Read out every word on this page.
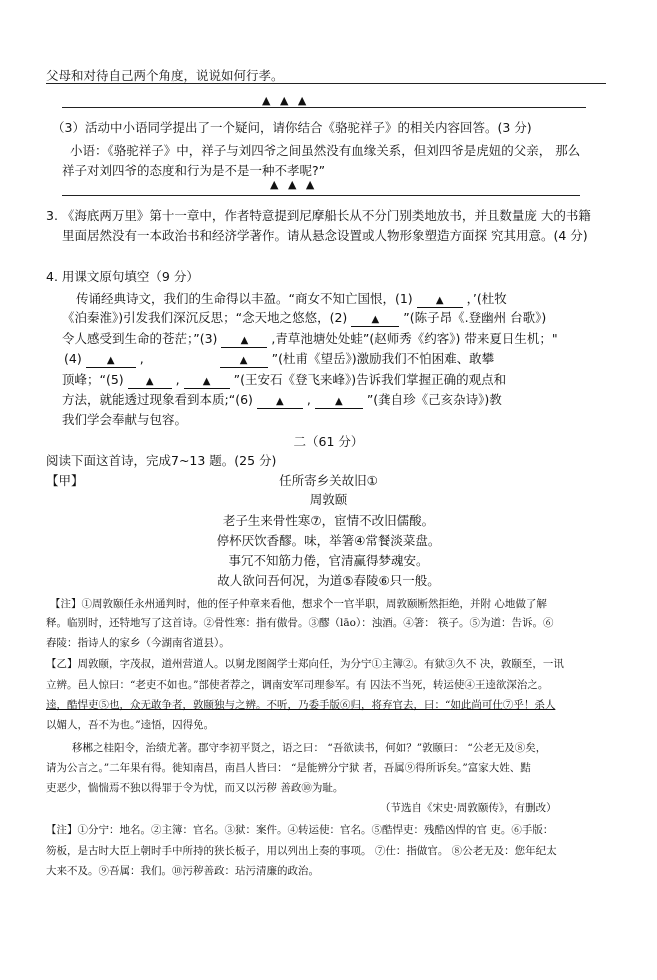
父母和对待自己两个角度，说说如何行孝。
▲ ▲ ▲
（3）活动中小语同学提出了一个疑问，请你结合《骆驼祥子》的相关内容回答。(3 分)
小语：《骆驼祥子》中，祥子与刘四爷之间虽然没有血缘关系，但刘四爷是虎妞的父亲， 那么
祥子对刘四爷的态度和行为是不是一种不孝呢?”
▲ ▲ ▲
3. 《海底两万里》第十一章中，作者特意提到尼摩船长从不分门别类地放书，并且数量庞 大的书籍
里面居然没有一本政治书和经济学著作。请从悬念设置或人物形象塑造方面探 究其用意。(4 分)
4. 用课文原句填空（9 分）
传诵经典诗文，我们的生命得以丰盈。“商女不知亡国恨，(1) ▲ ，’(杜牧
《泊秦淮》)引发我们深沉反思；“念天地之悠悠，(2) ▲ ”(陈子昂《.登幽州 台歌》)
令人感受到生命的苍茫；”(3) ▲ ,青草池塘处处蛙”(赵师秀《约客》) 带来夏日生机；"
(4)	▲ ,	▲ ”(杜甫《望岳》)激励我们不怕困难、敢攀
顶峰；“(5) ▲ , ▲ ”(王安石《登飞来峰》)告诉我们掌握正确的观点和
方法，就能透过现象看到本质;“(6) ▲ , ▲ ”(龚自珍《己亥杂诗》)教
我们学会奉献与包容。
二（61 分）
阅读下面这首诗，完成7~13 题。(25 分)
【甲】	任所寄乡关故旧①
周敦颐
老子生来骨性寒⑦，宦情不改旧儒酸。
停杯厌饮香醪。味，举箸④常餐淡菜盘。
事冗不知筋力倦，官清赢得梦魂安。
故人欲问吾何况，为道⑤春陵⑥只一般。
【注】①周敦颐任永州通判时，他的侄子仲章来看他，想求个一官半职，周敦颐断然拒绝，并附 心地做了解
释。临别时，还特地写了这首诗。②骨性寒：指有傲骨。③醪（lāo）：浊酒。④箸： 筷子。⑤为道：告诉。⑥
舂陵：指诗人的家乡（今湖南省道县）。
【乙】周敦颐，字茂叔，道州营道人。以舅龙图阁学士郑向任，为分宁①主簿②。有狱③久不 决，敦颐至，一讯
立辨。邑人惊曰：“老吏不如也。”部使者荐之，调南安军司理参军。有 囚法不当死，转运使④王逵欲深治之。
逵，酷悍吏⑤也，众无敢争者，敦颐独与之辨。不听，乃委手版⑥归，将弃官去，曰：“如此尚可仕⑦乎！杀人
以媚人，吾不为也。”逵悟，囚得免。
移郴之桂阳令，治绩尤著。郡守李初平贤之，语之曰： “吾欲读书，何如？”敦颐曰： “公老无及⑧矣，
请为公言之。”二年果有得。徙知南昌，南昌人皆曰： “是能辨分宁狱 者，吾属⑨得所诉矣。”富家大姓、黠
吏恶少，惴惴焉不独以得罪于令为忧，而又以污秽 善政⑩为耻。
（节选自《宋史·周敦颐传》，有删改）
【注】①分宁：地名。②主簿：官名。③狱：案件。④转运使：官名。⑤酷悍吏：残酷凶悍的官 吏。⑥手版：
笏板，是古时大臣上朝时手中所持的狭长板子，用以列出上奏的事项。 ⑦仕：指做官。 ⑧公老无及：您年纪太
大来不及。⑨吾属：我们。⑩污秽善政：玷污清廉的政治。
